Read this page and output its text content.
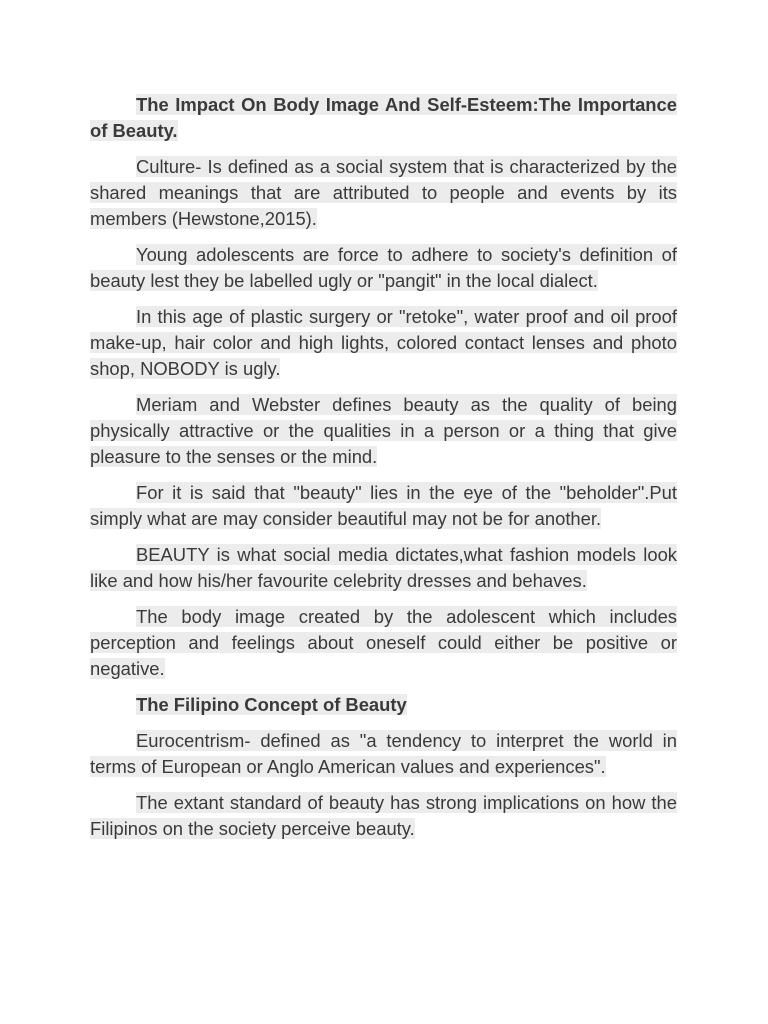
The Impact On Body Image And Self-Esteem:The Importance of Beauty.

Culture- Is defined as a social system that is characterized by the shared meanings that are attributed to people and events by its members (Hewstone,2015).

Young adolescents are force to adhere to society's definition of beauty lest they be labelled ugly or "pangit" in the local dialect.

In this age of plastic surgery or "retoke", water proof and oil proof make-up, hair color and high lights, colored contact lenses and photo shop, NOBODY is ugly.

Meriam and Webster defines beauty as the quality of being physically attractive or the qualities in a person or a thing that give pleasure to the senses or the mind.

For it is said that "beauty" lies in the eye of the "beholder".Put simply what are may consider beautiful may not be for another.

BEAUTY is what social media dictates,what fashion models look like and how his/her favourite celebrity dresses and behaves.

The body image created by the adolescent which includes perception and feelings about oneself could either be positive or negative.

The Filipino Concept of Beauty

Eurocentrism- defined as "a tendency to interpret the world in terms of European or Anglo American values and experiences".

The extant standard of beauty has strong implications on how the Filipinos on the society perceive beauty.
